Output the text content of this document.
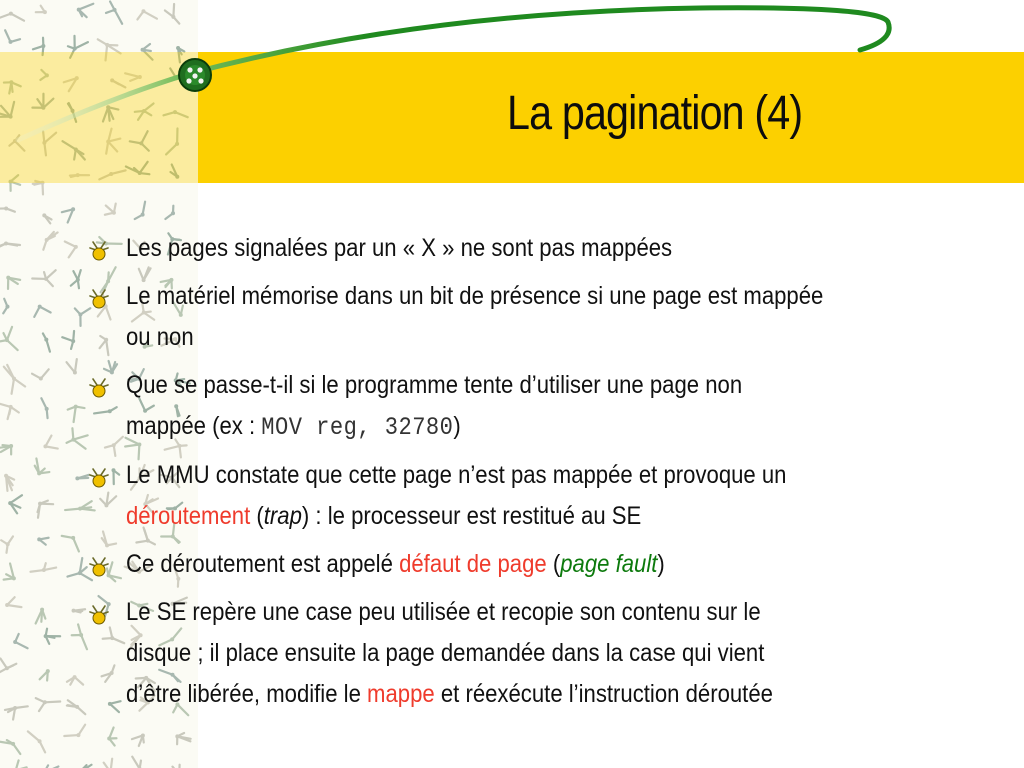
La pagination (4)
Les pages signalées par un « X » ne sont pas mappées
Le matériel mémorise dans un bit de présence si une page est mappée
ou non
Que se passe-t-il si le programme tente d’utiliser une page non
mappée (ex : MOV reg, 32780)
Le MMU constate que cette page n’est pas mappée et provoque un
déroutement (trap) : le processeur est restitué au SE
Ce déroutement est appelé défaut de page (page fault)
Le SE repère une case peu utilisée et recopie son contenu sur le
disque ; il place ensuite la page demandée dans la case qui vient
d’être libérée, modifie le mappe et réexécute l’instruction déroutée
